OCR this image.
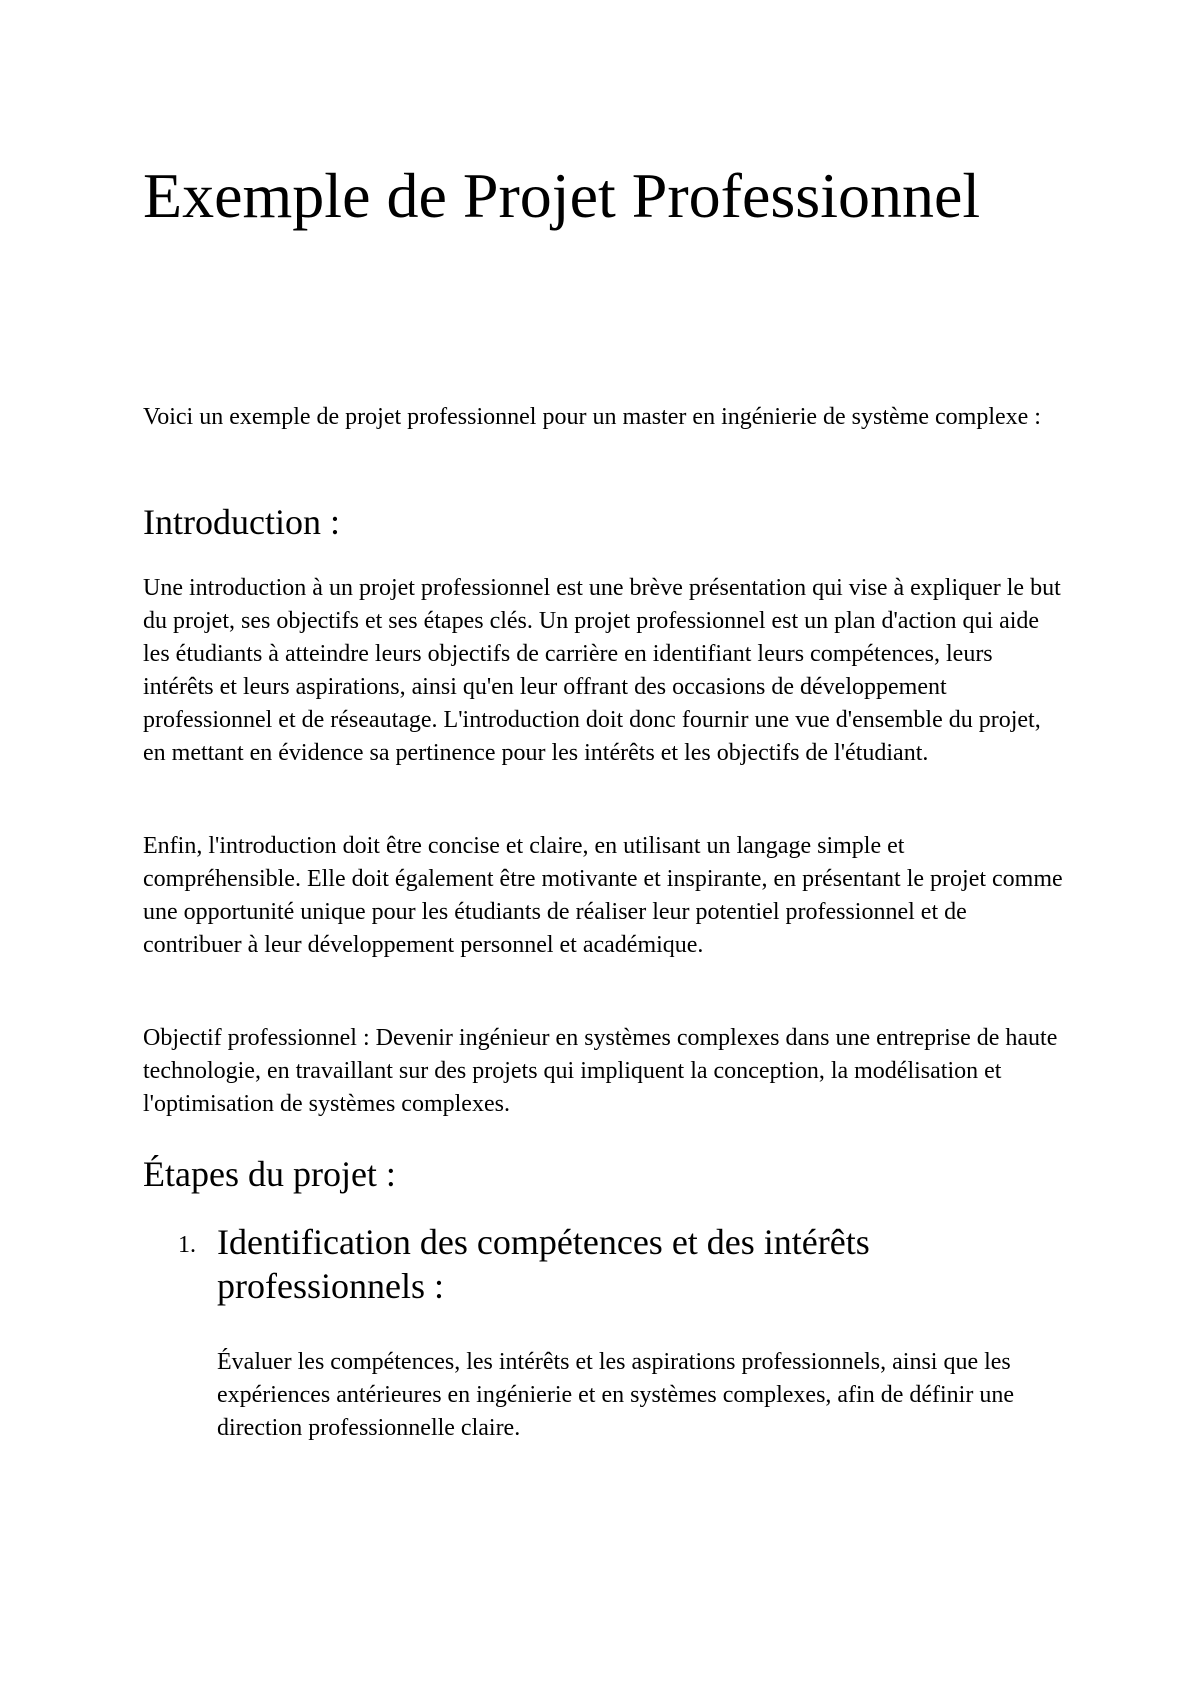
Exemple de Projet Professionnel

Voici un exemple de projet professionnel pour un master en ingénierie de système complexe :

Introduction :

Une introduction à un projet professionnel est une brève présentation qui vise à expliquer le but du projet, ses objectifs et ses étapes clés. Un projet professionnel est un plan d'action qui aide les étudiants à atteindre leurs objectifs de carrière en identifiant leurs compétences, leurs intérêts et leurs aspirations, ainsi qu'en leur offrant des occasions de développement professionnel et de réseautage. L'introduction doit donc fournir une vue d'ensemble du projet, en mettant en évidence sa pertinence pour les intérêts et les objectifs de l'étudiant.

Enfin, l'introduction doit être concise et claire, en utilisant un langage simple et compréhensible. Elle doit également être motivante et inspirante, en présentant le projet comme une opportunité unique pour les étudiants de réaliser leur potentiel professionnel et de contribuer à leur développement personnel et académique.

Objectif professionnel : Devenir ingénieur en systèmes complexes dans une entreprise de haute technologie, en travaillant sur des projets qui impliquent la conception, la modélisation et l'optimisation de systèmes complexes.

Étapes du projet :
1. Identification des compétences et des intérêts professionnels :

Évaluer les compétences, les intérêts et les aspirations professionnels, ainsi que les expériences antérieures en ingénierie et en systèmes complexes, afin de définir une direction professionnelle claire.
